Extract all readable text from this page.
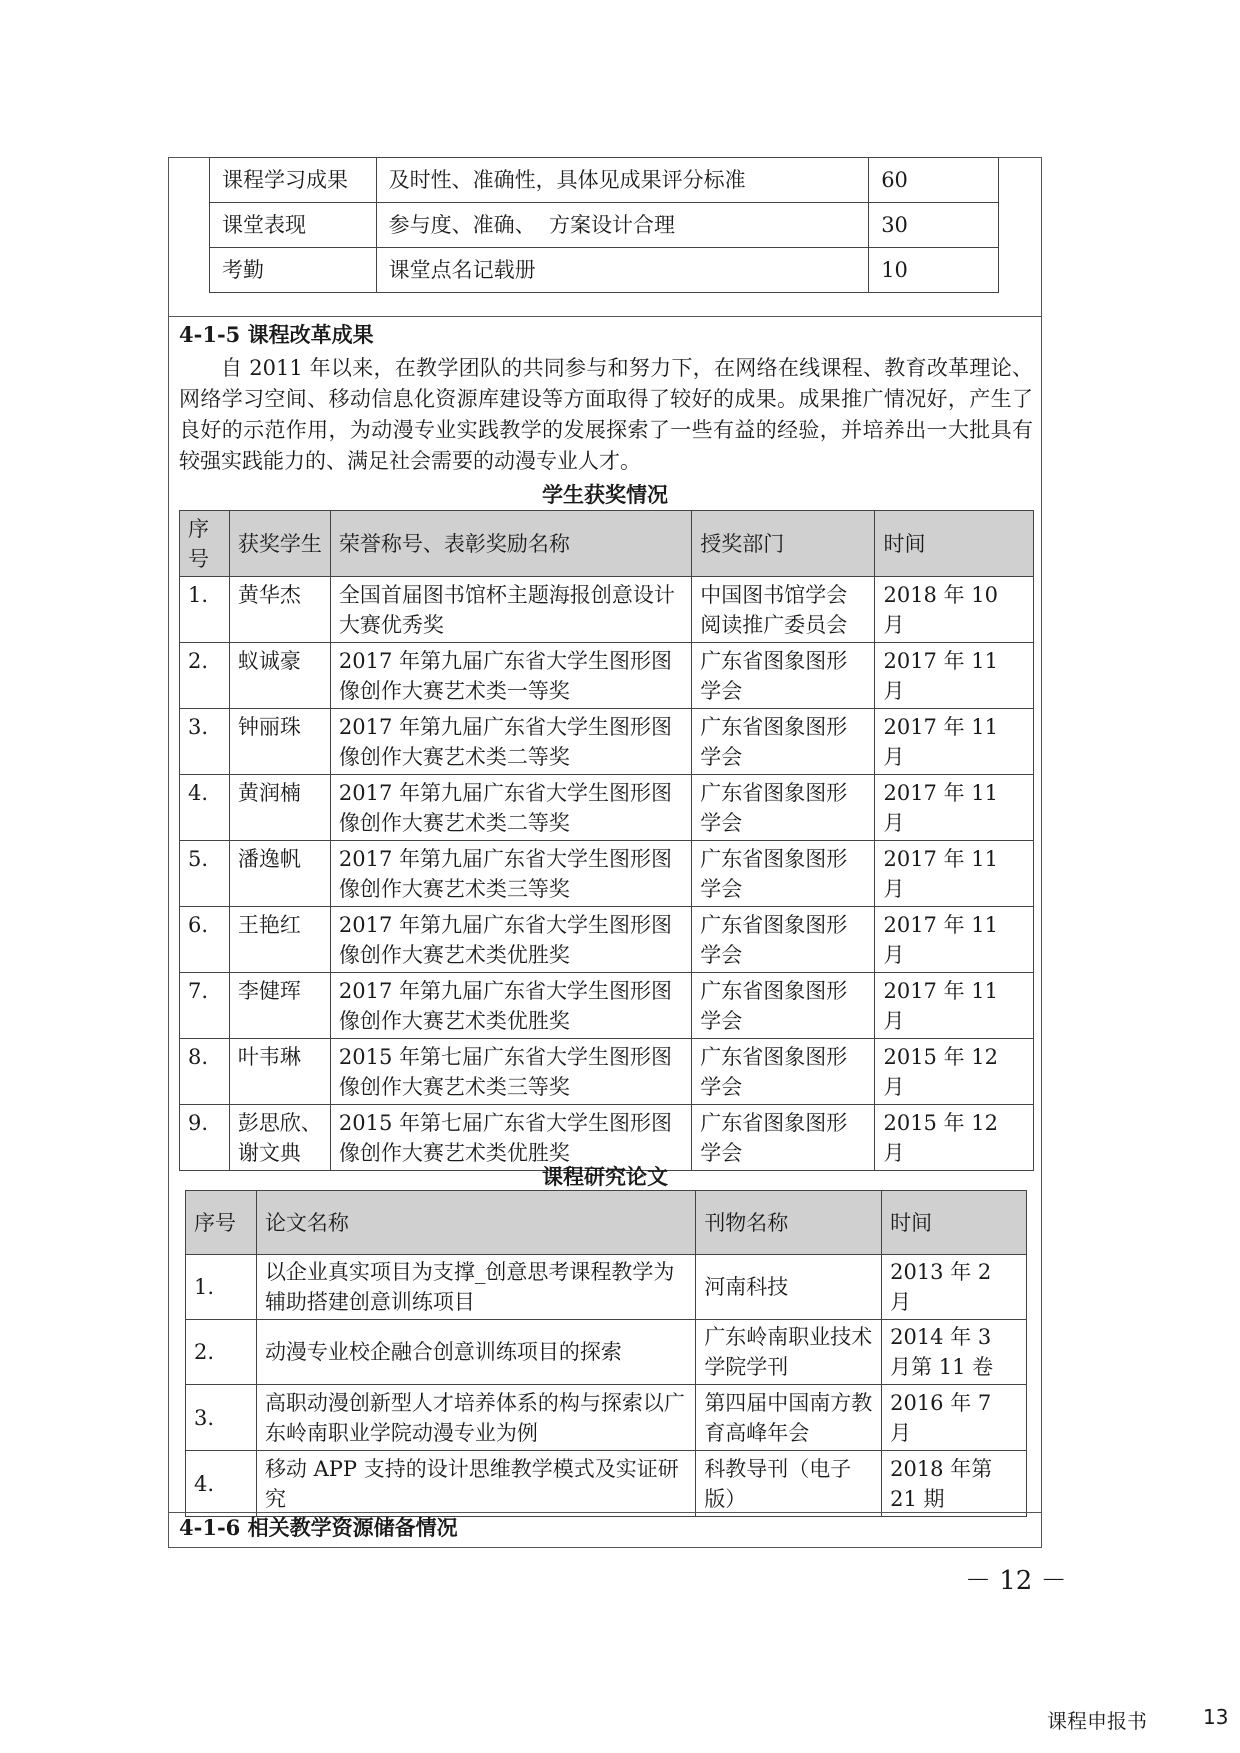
课程学习成果	及时性、准确性，具体见成果评分标准	60
课堂表现	参与度、准确、  方案设计合理	30
考勤	课堂点名记载册	10
4-1-5 课程改革成果

自 2011 年以来，在教学团队的共同参与和努力下，在网络在线课程、教育改革理论、网络学习空间、移动信息化资源库建设等方面取得了较好的成果。成果推广情况好，产生了良好的示范作用，为动漫专业实践教学的发展探索了一些有益的经验，并培养出一大批具有较强实践能力的、满足社会需要的动漫专业人才。

学生获奖情况
序号	获奖学生	荣誉称号、表彰奖励名称	授奖部门	时间
1.	黄华杰	全国首届图书馆杯主题海报创意设计大赛优秀奖	中国图书馆学会阅读推广委员会	2018 年 10 月
2.	蚁诚豪	2017 年第九届广东省大学生图形图像创作大赛艺术类一等奖	广东省图象图形学会	2017 年 11 月
3.	钟丽珠	2017 年第九届广东省大学生图形图像创作大赛艺术类二等奖	广东省图象图形学会	2017 年 11 月
4.	黄润楠	2017 年第九届广东省大学生图形图像创作大赛艺术类二等奖	广东省图象图形学会	2017 年 11 月
5.	潘逸帆	2017 年第九届广东省大学生图形图像创作大赛艺术类三等奖	广东省图象图形学会	2017 年 11 月
6.	王艳红	2017 年第九届广东省大学生图形图像创作大赛艺术类优胜奖	广东省图象图形学会	2017 年 11 月
7.	李健珲	2017 年第九届广东省大学生图形图像创作大赛艺术类优胜奖	广东省图象图形学会	2017 年 11 月
8.	叶韦琳	2015 年第七届广东省大学生图形图像创作大赛艺术类三等奖	广东省图象图形学会	2015 年 12 月
9.	彭思欣、谢文典	2015 年第七届广东省大学生图形图像创作大赛艺术类优胜奖	广东省图象图形学会	2015 年 12 月
课程研究论文
序号	论文名称	刊物名称	时间
1.	以企业真实项目为支撑_创意思考课程教学为辅助搭建创意训练项目	河南科技	2013 年 2 月
2.	动漫专业校企融合创意训练项目的探索	广东岭南职业技术学院学刊	2014 年 3 月第 11 卷
3.	高职动漫创新型人才培养体系的构与探索以广东岭南职业学院动漫专业为例	第四届中国南方教育高峰年会	2016 年 7 月
4.	移动 APP 支持的设计思维教学模式及实证研究	科教导刊（电子版）	2018 年第 21 期
4-1-6 相关教学资源储备情况
－ 12 －
课程申报书	13
